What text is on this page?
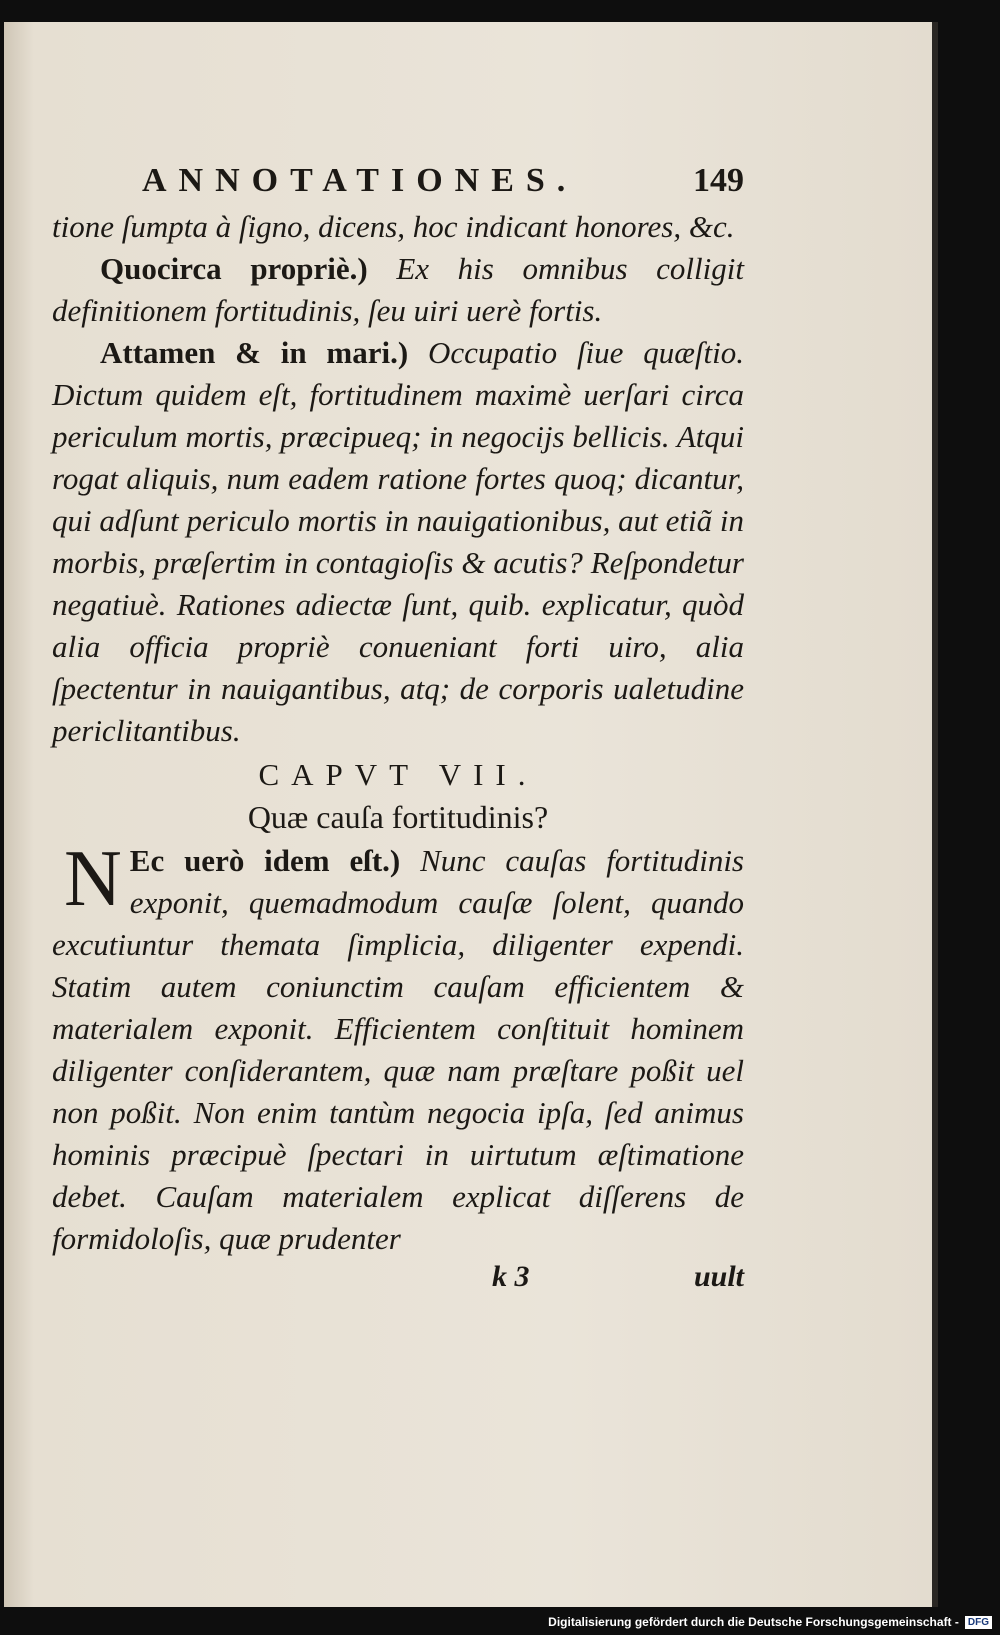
ANNOTATIONES.	149

tione ſumpta à ſigno, dicens, hoc indicant honores, &c.

Quocirca propriè.) Ex his omnibus colligit definitionem fortitudinis, ſeu uiri uerè fortis.

Attamen & in mari.) Occupatio ſiue quæſtio. Dictum quidem eſt, fortitudinem maximè uerſari circa periculum mortis, præcipueq; in negocijs bellicis. Atqui rogat aliquis, num eadem ratione fortes quoq; dicantur, qui adſunt periculo mortis in nauigationibus, aut etiã in morbis, præſertim in contagioſis & acutis? Reſpondetur negatiuè. Rationes adiectæ ſunt, quib. explicatur, quòd alia officia propriè conueniant forti uiro, alia ſpectentur in nauigantibus, atq; de corporis ualetudine periclitantibus.

CAPVT VII.
Quæ cauſa fortitudinis?

N Ec uerò idem eſt.) Nunc cauſas fortitudinis exponit, quemadmodum cauſæ ſolent, quando excutiuntur themata ſimplicia, diligenter expendi. Statim autem coniunctim cauſam efficientem & materialem exponit. Efficientem conſtituit hominem diligenter conſiderantem, quæ nam præſtare poßit uel non poßit. Non enim tantùm negocia ipſa, ſed animus hominis præcipuè ſpectari in uirtutum æſtimatione debet. Cauſam materialem explicat diſſerens de formidoloſis, quæ prudenter

k 3	uult
Digitalisierung gefördert durch die Deutsche Forschungsgemeinschaft - DFG
